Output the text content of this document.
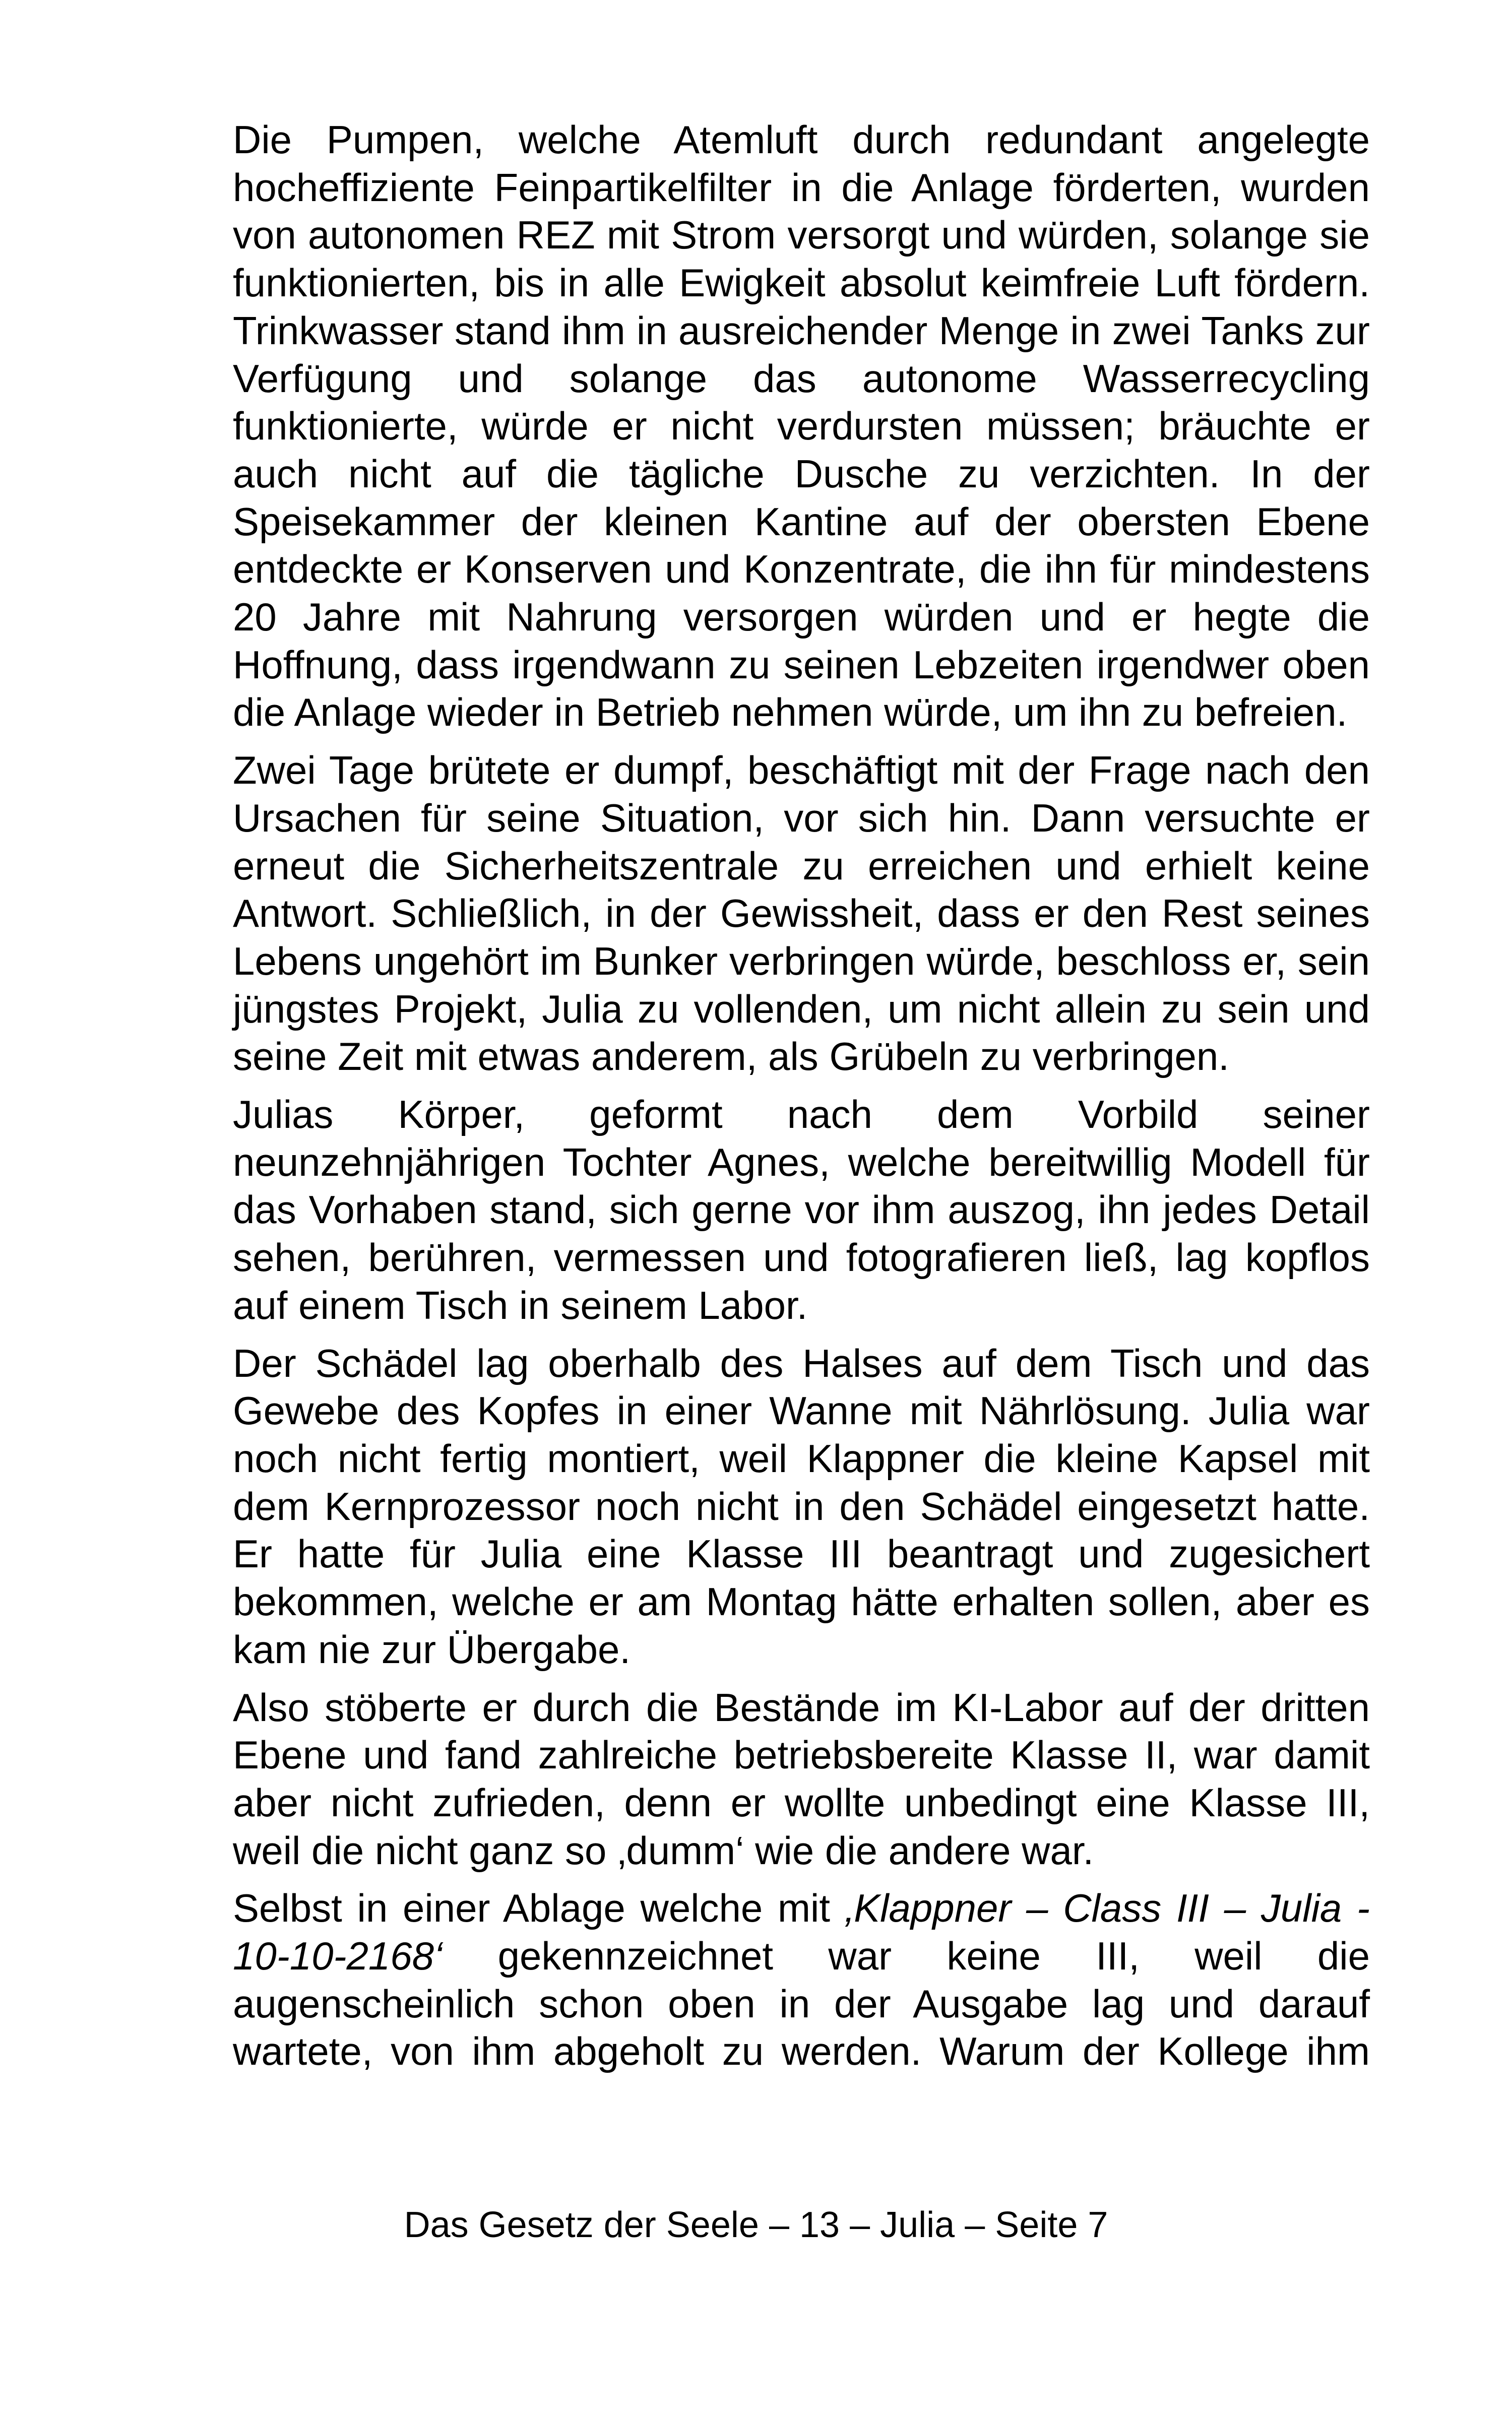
Die Pumpen, welche Atemluft durch redundant angelegte hocheffiziente Feinpartikelfilter in die Anlage förderten, wurden von autonomen REZ mit Strom versorgt und würden, solange sie funktionierten, bis in alle Ewigkeit absolut keimfreie Luft fördern. Trinkwasser stand ihm in ausreichender Menge in zwei Tanks zur Verfügung und solange das autonome Wasserrecycling funktionierte, würde er nicht verdursten müssen; bräuchte er auch nicht auf die tägliche Dusche zu verzichten. In der Speisekammer der kleinen Kantine auf der obersten Ebene entdeckte er Konserven und Konzentrate, die ihn für mindestens 20 Jahre mit Nahrung versorgen würden und er hegte die Hoffnung, dass irgendwann zu seinen Lebzeiten irgendwer oben die Anlage wieder in Betrieb nehmen würde, um ihn zu befreien.

Zwei Tage brütete er dumpf, beschäftigt mit der Frage nach den Ursachen für seine Situation, vor sich hin. Dann versuchte er erneut die Sicherheitszentrale zu erreichen und erhielt keine Antwort. Schließlich, in der Gewissheit, dass er den Rest seines Lebens ungehört im Bunker verbringen würde, beschloss er, sein jüngstes Projekt, Julia zu vollenden, um nicht allein zu sein und seine Zeit mit etwas anderem, als Grübeln zu verbringen.

Julias Körper, geformt nach dem Vorbild seiner neunzehnjährigen Tochter Agnes, welche bereitwillig Modell für das Vorhaben stand, sich gerne vor ihm auszog, ihn jedes Detail sehen, berühren, vermessen und fotografieren ließ, lag kopflos auf einem Tisch in seinem Labor.

Der Schädel lag oberhalb des Halses auf dem Tisch und das Gewebe des Kopfes in einer Wanne mit Nährlösung. Julia war noch nicht fertig montiert, weil Klappner die kleine Kapsel mit dem Kernprozessor noch nicht in den Schädel eingesetzt hatte. Er hatte für Julia eine Klasse III beantragt und zugesichert bekommen, welche er am Montag hätte erhalten sollen, aber es kam nie zur Übergabe.

Also stöberte er durch die Bestände im KI-Labor auf der dritten Ebene und fand zahlreiche betriebsbereite Klasse II, war damit aber nicht zufrieden, denn er wollte unbedingt eine Klasse III, weil die nicht ganz so ‚dumm‘ wie die andere war.

Selbst in einer Ablage welche mit ‚Klappner – Class III – Julia - 10-10-2168‘ gekennzeichnet war keine III, weil die augenscheinlich schon oben in der Ausgabe lag und darauf wartete, von ihm abgeholt zu werden. Warum der Kollege ihm

Das Gesetz der Seele – 13 – Julia – Seite 7
